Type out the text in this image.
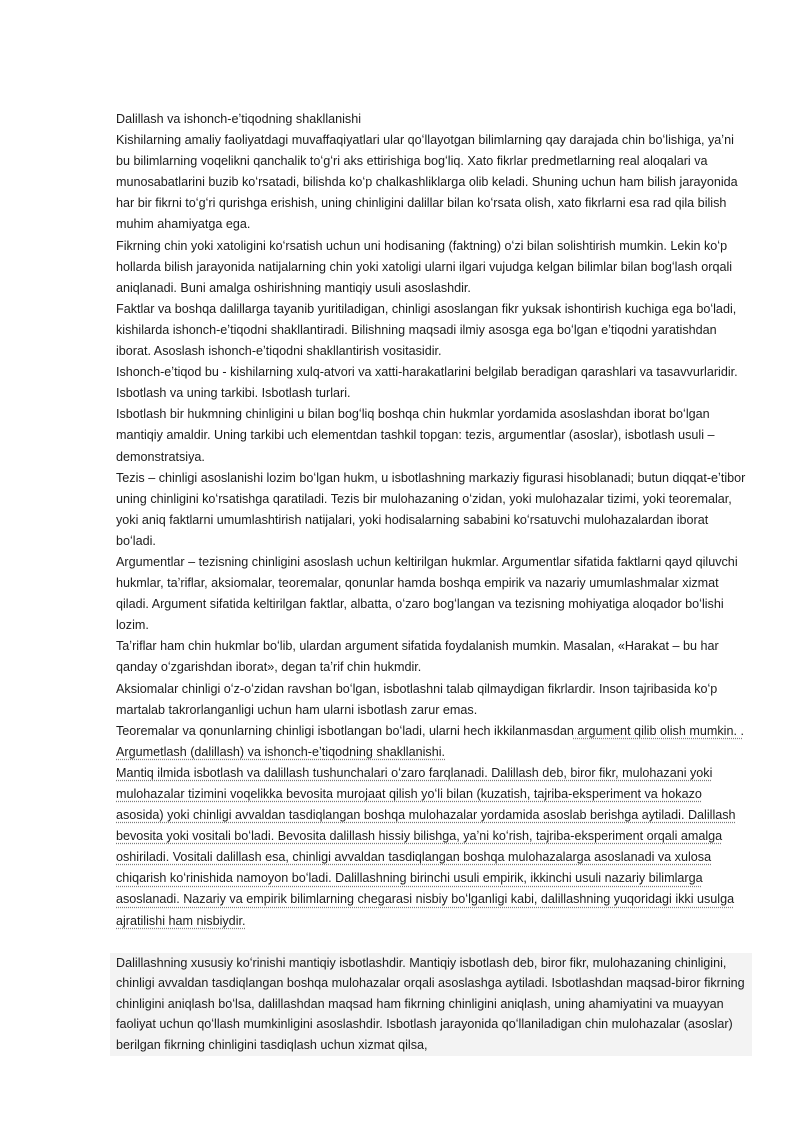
Dalillash va ishonch-eʼtiqodning shakllanishi

Kishilarning amaliy faoliyatdagi muvaffaqiyatlari ular qoʻllayotgan bilimlarning qay darajada chin boʻlishiga, yaʼni bu bilimlarning voqelikni qanchalik toʻgʻri aks ettirishiga bogʻliq. Xato fikrlar predmetlarning real aloqalari va munosabatlarini buzib koʻrsatadi, bilishda koʻp chalkashliklarga olib keladi. Shuning uchun ham bilish jarayonida har bir fikrni toʻgʻri qurishga erishish, uning chinligini dalillar bilan koʻrsata olish, xato fikrlarni esa rad qila bilish muhim ahamiyatga ega.

Fikrning chin yoki xatoligini koʻrsatish uchun uni hodisaning (faktning) oʻzi bilan solishtirish mumkin. Lekin koʻp hollarda bilish jarayonida natijalarning chin yoki xatoligi ularni ilgari vujudga kelgan bilimlar bilan bogʻlash orqali aniqlanadi. Buni amalga oshirishning mantiqiy usuli asoslashdir.

Faktlar va boshqa dalillarga tayanib yuritiladigan, chinligi asoslangan fikr yuksak ishontirish kuchiga ega boʻladi, kishilarda ishonch-eʼtiqodni shakllantiradi. Bilishning maqsadi ilmiy asosga ega boʻlgan eʼtiqodni yaratishdan iborat. Asoslash ishonch-eʼtiqodni shakllantirish vositasidir.

Ishonch-eʼtiqod bu - kishilarning xulq-atvori va xatti-harakatlarini belgilab beradigan qarashlari va tasavvurlaridir.

Isbotlash va uning tarkibi. Isbotlash turlari.

Isbotlash bir hukmning chinligini u bilan bogʻliq boshqa chin hukmlar yordamida asoslashdan iborat boʻlgan mantiqiy amaldir. Uning tarkibi uch elementdan tashkil topgan: tezis, argumentlar (asoslar), isbotlash usuli – demonstratsiya.

Tezis – chinligi asoslanishi lozim boʻlgan hukm, u isbotlashning markaziy figurasi hisoblanadi; butun diqqat-eʼtibor uning chinligini koʻrsatishga qaratiladi. Tezis bir mulohazaning oʻzidan, yoki mulohazalar tizimi, yoki teoremalar, yoki aniq faktlarni umumlashtirish natijalari, yoki hodisalarning sababini koʻrsatuvchi mulohazalardan iborat boʻladi.

Argumentlar – tezisning chinligini asoslash uchun keltirilgan hukmlar. Argumentlar sifatida faktlarni qayd qiluvchi hukmlar, taʼriflar, aksiomalar, teoremalar, qonunlar hamda boshqa empirik va nazariy umumlashmalar xizmat qiladi. Argument sifatida keltirilgan faktlar, albatta, oʻzaro bogʻlangan va tezisning mohiyatiga aloqador boʻlishi lozim.

Taʼriflar ham chin hukmlar boʻlib, ulardan argument sifatida foydalanish mumkin. Masalan, «Harakat – bu har qanday oʻzgarishdan iborat», degan taʼrif chin hukmdir.

Aksiomalar chinligi oʻz-oʻzidan ravshan boʻlgan, isbotlashni talab qilmaydigan fikrlardir. Inson tajribasida koʻp martalab takrorlanganligi uchun ham ularni isbotlash zarur emas.

Teoremalar va qonunlarning chinligi isbotlangan boʻladi, ularni hech ikkilanmasdan argument qilib olish mumkin. . Argumetlash (dalillash) va ishonch-eʼtiqodning shakllanishi.

Mantiq ilmida isbotlash va dalillash tushunchalari oʻzaro farqlanadi. Dalillash deb, biror fikr, mulohazani yoki mulohazalar tizimini voqelikka bevosita murojaat qilish yoʻli bilan (kuzatish, tajriba-eksperiment va hokazo asosida) yoki chinligi avvaldan tasdiqlangan boshqa mulohazalar yordamida asoslab berishga aytiladi. Dalillash bevosita yoki vositali boʻladi. Bevosita dalillash hissiy bilishga, yaʼni koʻrish, tajriba-eksperiment orqali amalga oshiriladi. Vositali dalillash esa, chinligi avvaldan tasdiqlangan boshqa mulohazalarga asoslanadi va xulosa chiqarish koʻrinishida namoyon boʻladi. Dalillashning birinchi usuli empirik, ikkinchi usuli nazariy bilimlarga asoslanadi. Nazariy va empirik bilimlarning chegarasi nisbiy boʻlganligi kabi, dalillashning yuqoridagi ikki usulga ajratilishi ham nisbiydir.

Dalillashning xususiy koʻrinishi mantiqiy isbotlashdir. Mantiqiy isbotlash deb, biror fikr, mulohazaning chinligini, chinligi avvaldan tasdiqlangan boshqa mulohazalar orqali asoslashga aytiladi. Isbotlashdan maqsad-biror fikrning chinligini aniqlash boʻlsa, dalillashdan maqsad ham fikrning chinligini aniqlash, uning ahamiyatini va muayyan faoliyat uchun qoʻllash mumkinligini asoslashdir. Isbotlash jarayonida qoʻllaniladigan chin mulohazalar (asoslar) berilgan fikrning chinligini tasdiqlash uchun xizmat qilsa,
